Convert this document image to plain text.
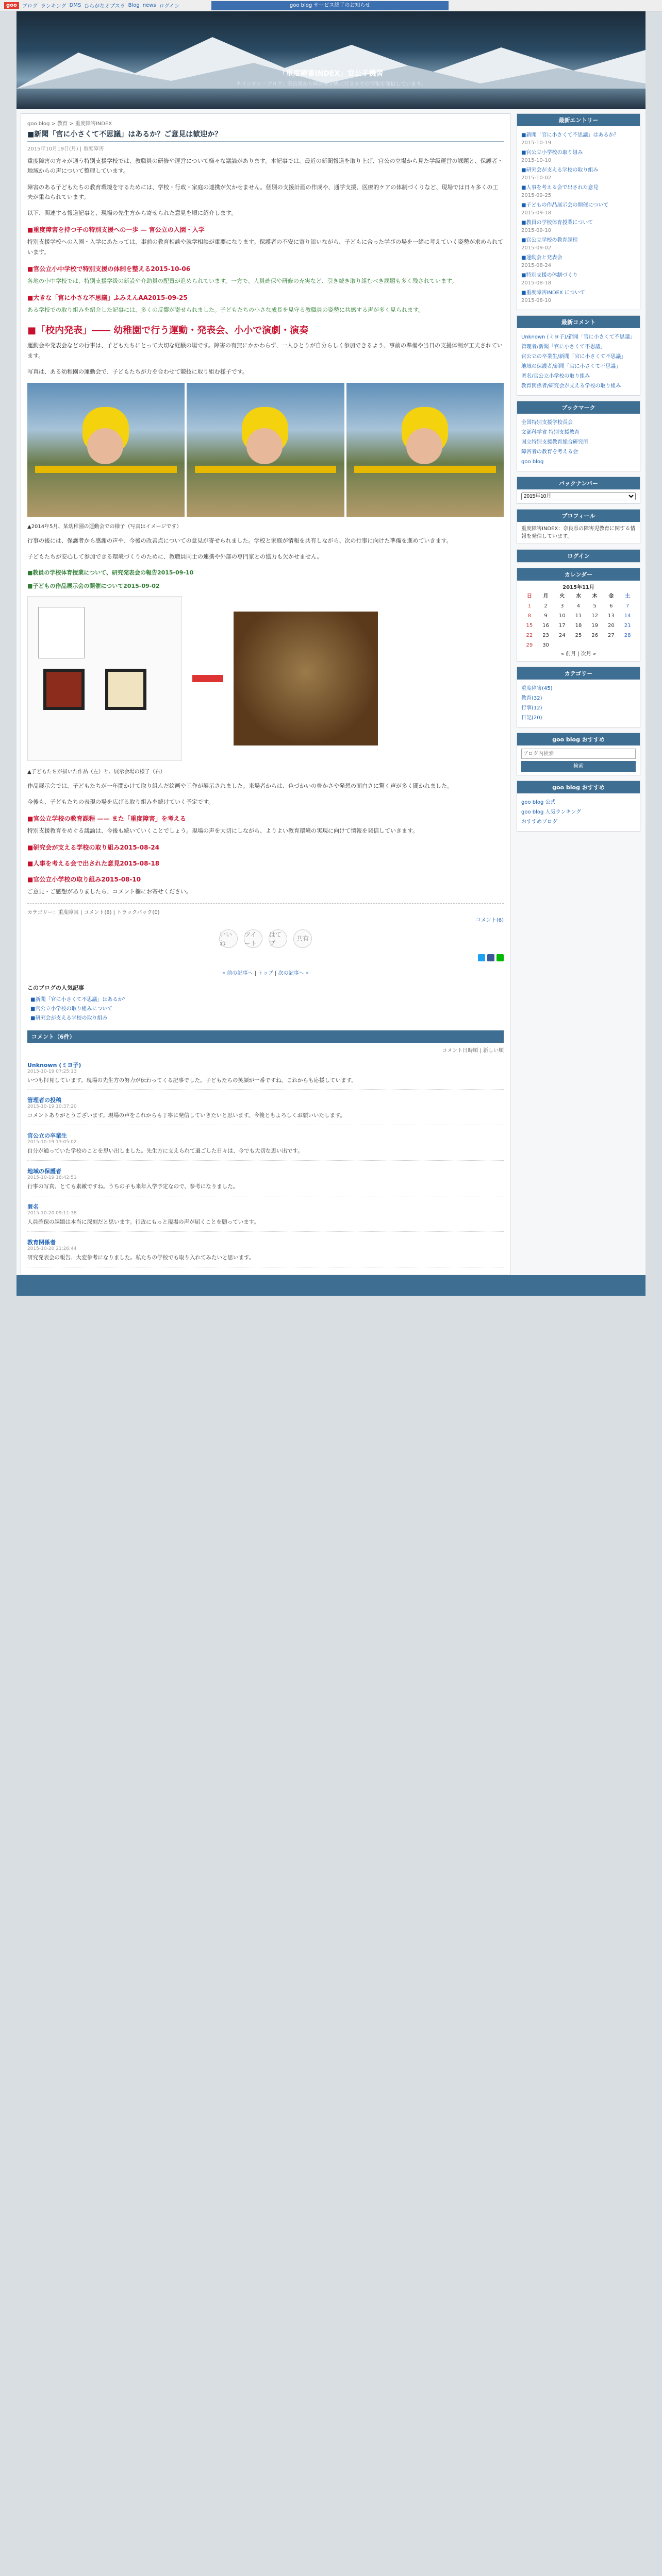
goo	ブログ ランキング DMS ひらがなオプスラ Blog news ログイン	goo blog サービス終了のお知らせ
「重度障害INDEX」官公手機習
キリシタン・ブログ：奈良県から障害児学級に行きまでの情報を発信しています。
goo blog > 教育 > 重度障害INDEX
■新聞「官に小さくて不思議」はあるか？ご意見は歓迎か？
2015年10月19日(月) | 重度障害

重度障害の方々が通う特別支援学校では、教職員の研修や運営について様々な議論があります。本記事では、最近の新聞報道を取り上げ、官公の立場から見た学級運営の課題と、保護者・地域からの声について整理しています。

障害のある子どもたちの教育環境を守るためには、学校・行政・家庭の連携が欠かせません。個別の支援計画の作成や、通学支援、医療的ケアの体制づくりなど、現場では日々多くの工夫が重ねられています。

以下、関連する報道記事と、現場の先生方から寄せられた意見を順に紹介します。

■重度障害を持つ子の特別支援への一歩 — 官公立の入園・入学

特別支援学校への入園・入学にあたっては、事前の教育相談や就学相談が重要になります。保護者の不安に寄り添いながら、子どもに合った学びの場を一緒に考えていく姿勢が求められています。

■官公立小中学校で特別支援の体制を整える2015-10-06

各地の小中学校では、特別支援学級の新設や介助員の配置が進められています。一方で、人員確保や研修の充実など、引き続き取り組むべき課題も多く残されています。

■大きな「官に小さな不思議」ふみえんAA2015-09-25

ある学校での取り組みを紹介した記事には、多くの反響が寄せられました。子どもたちの小さな成長を見守る教職員の姿勢に共感する声が多く見られます。

■「校内発表」―― 幼稚園で行う運動・発表会、小小で演劇・演奏

運動会や発表会などの行事は、子どもたちにとって大切な経験の場です。障害の有無にかかわらず、一人ひとりが自分らしく参加できるよう、事前の準備や当日の支援体制が工夫されています。

写真は、ある幼稚園の運動会で、子どもたちが力を合わせて競技に取り組む様子です。

▲2014年5月、某幼稚園の運動会での様子（写真はイメージです）

行事の後には、保護者から感謝の声や、今後の改善点についての意見が寄せられました。学校と家庭が情報を共有しながら、次の行事に向けた準備を進めていきます。

子どもたちが安心して参加できる環境づくりのために、教職員同士の連携や外部の専門家との協力も欠かせません。

■教員の学校体育授業について、研究発表会の報告2015-09-10
■子どもの作品展示会の開催について2015-09-02
▲子どもたちが描いた作品（左）と、展示会場の様子（右）

作品展示会では、子どもたちが一年間かけて取り組んだ絵画や工作が展示されました。来場者からは、色づかいの豊かさや発想の面白さに驚く声が多く聞かれました。

今後も、子どもたちの表現の場を広げる取り組みを続けていく予定です。

■官公立学校の教育課程 —— また「重度障害」を考える

特別支援教育をめぐる議論は、今後も続いていくことでしょう。現場の声を大切にしながら、よりよい教育環境の実現に向けて情報を発信していきます。

■研究会が支える学校の取り組み2015-08-24
■人事を考える会で出された意見2015-08-18
■官公立小学校の取り組み2015-08-10

ご意見・ご感想がありましたら、コメント欄にお寄せください。

カテゴリー：重度障害 | コメント(6) | トラックバック(0)
コメント(6)
いいね
ツイート
はてブ
共有
« 前の記事へ | トップ | 次の記事へ »
このブログの人気記事
■新聞「官に小さくて不思議」はあるか？
■官公立小学校の取り組みについて
■研究会が支える学校の取り組み
コメント（6件）
コメント日時順 | 新しい順
Unknown (ミヨ子)
2015-10-19 07:25:13
いつも拝見しています。現場の先生方の努力が伝わってくる記事でした。子どもたちの笑顔が一番ですね。これからも応援しています。
管理者の投稿
2015-10-19 10:37:20
コメントありがとうございます。現場の声をこれからも丁寧に発信していきたいと思います。今後ともよろしくお願いいたします。
官公立の卒業生
2015-10-19 13:05:02
自分が通っていた学校のことを思い出しました。先生方に支えられて過ごした日々は、今でも大切な思い出です。
地域の保護者
2015-10-19 18:42:51
行事の写真、とても素敵ですね。うちの子も来年入学予定なので、参考になりました。
匿名
2015-10-20 09:11:38
人員確保の課題は本当に深刻だと思います。行政にもっと現場の声が届くことを願っています。
教育関係者
2015-10-20 21:26:44
研究発表会の報告、大変参考になりました。私たちの学校でも取り入れてみたいと思います。
最新エントリー
■新聞「官に小さくて不思議」はあるか？
2015-10-19
■官公立小学校の取り組み
2015-10-10
■研究会が支える学校の取り組み
2015-10-02
■人事を考える会で出された意見
2015-09-25
■子どもの作品展示会の開催について
2015-09-18
■教員の学校体育授業について
2015-09-10
■官公立学校の教育課程
2015-09-02
■運動会と発表会
2015-08-24
■特別支援の体制づくり
2015-08-18
■重度障害INDEX について
2015-08-10
最新コメント
Unknown (ミヨ子)/新聞「官に小さくて不思議」
管理者/新聞「官に小さくて不思議」
官公立の卒業生/新聞「官に小さくて不思議」
地域の保護者/新聞「官に小さくて不思議」
匿名/官公立小学校の取り組み
教育関係者/研究会が支える学校の取り組み
ブックマーク
全国特別支援学校長会
文部科学省 特別支援教育
国立特別支援教育総合研究所
障害者の教育を考える会
goo blog
バックナンバー
2015年10月
プロフィール
重度障害INDEX：奈良県の障害児教育に関する情報を発信しています。
ログイン
カレンダー
2015年11月
日	月	火	水	木	金	土
1	2	3	4	5	6	7
8	9	10	11	12	13	14
15	16	17	18	19	20	21
22	23	24	25	26	27	28
29	30					
« 前月 | 次月 »
カテゴリー
重度障害(45)
教育(32)
行事(12)
日記(20)
goo blog おすすめ
ブログ内検索
検索
goo blog おすすめ
goo blog 公式
goo blog 人気ランキング
おすすめブログ
